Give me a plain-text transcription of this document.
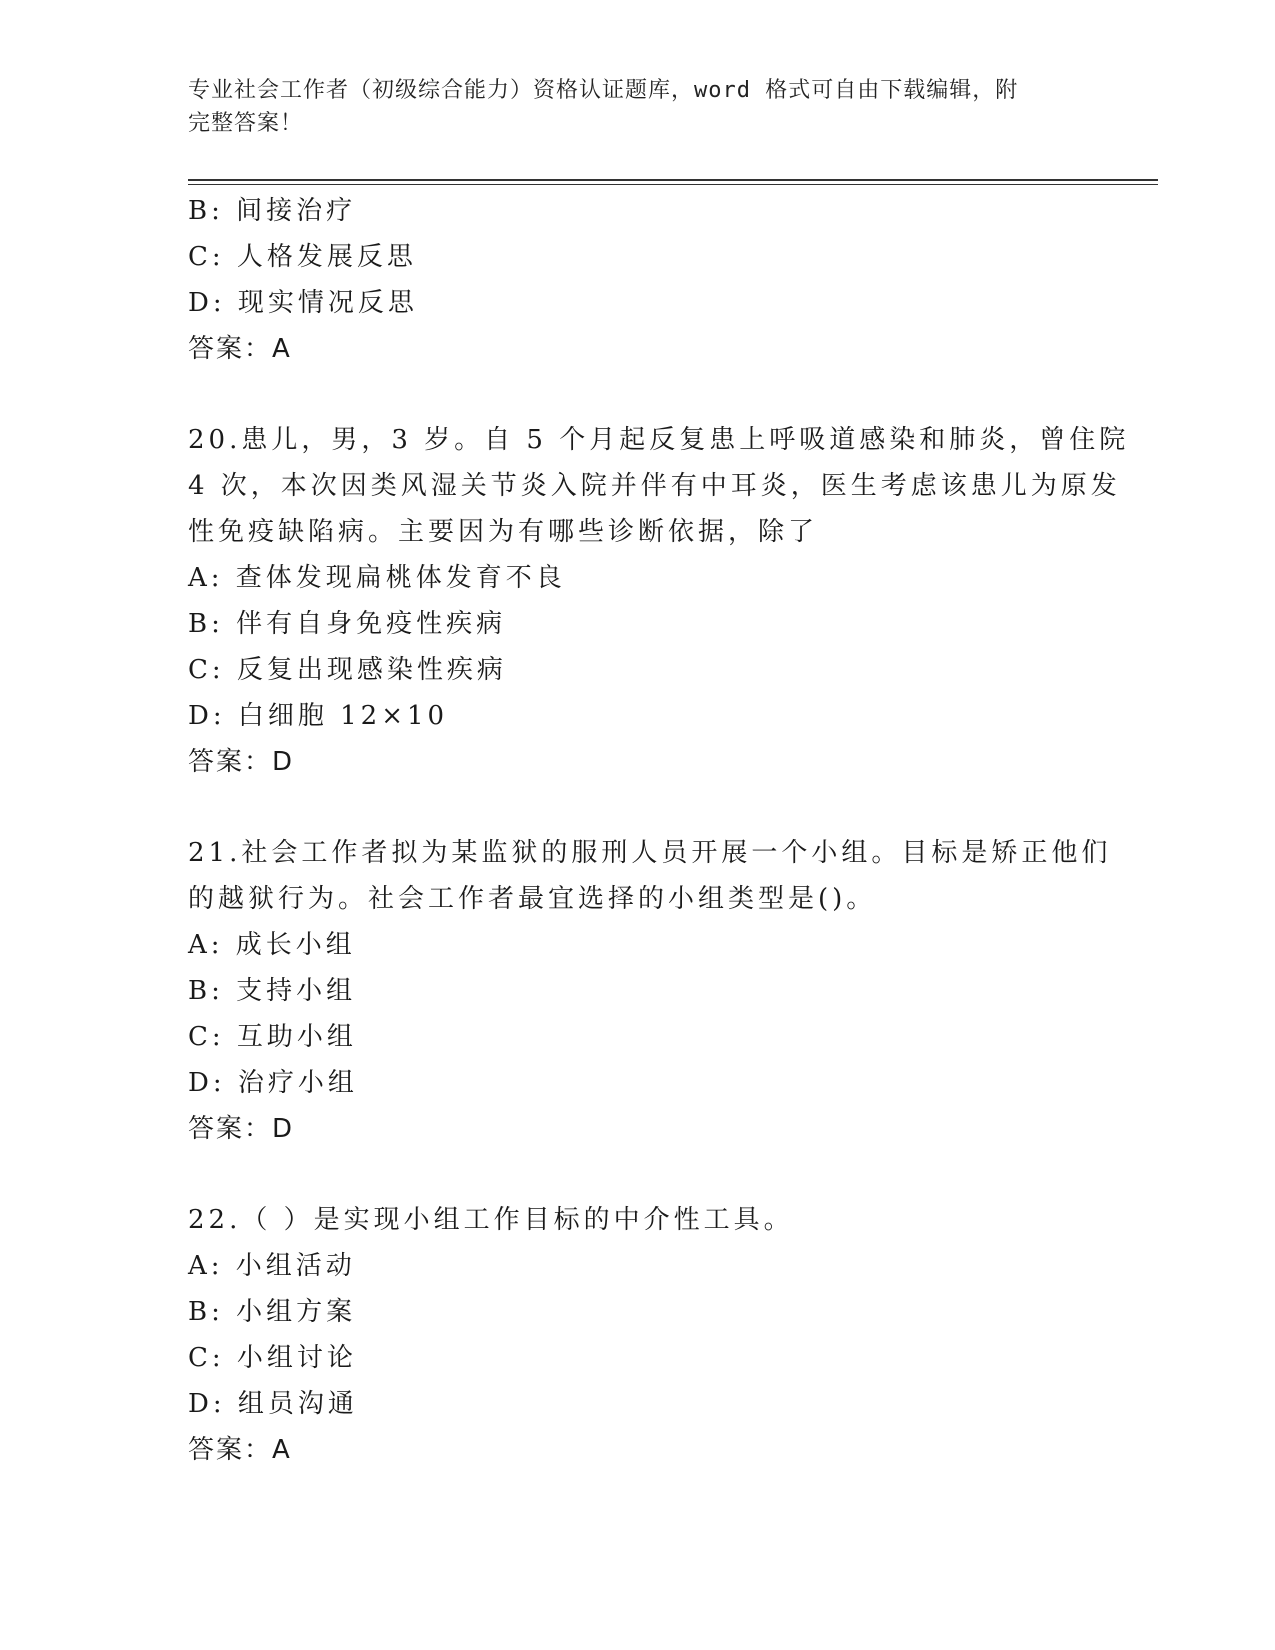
专业社会工作者（初级综合能力）资格认证题库，word 格式可自由下载编辑，附
完整答案！
B: 间接治疗
C: 人格发展反思
D: 现实情况反思
答案：A
20.患儿，男，3 岁。自 5 个月起反复患上呼吸道感染和肺炎，曾住院
4 次，本次因类风湿关节炎入院并伴有中耳炎，医生考虑该患儿为原发
性免疫缺陷病。主要因为有哪些诊断依据，除了
A: 查体发现扁桃体发育不良
B: 伴有自身免疫性疾病
C: 反复出现感染性疾病
D: 白细胞 12×10
答案：D
21.社会工作者拟为某监狱的服刑人员开展一个小组。目标是矫正他们
的越狱行为。社会工作者最宜选择的小组类型是()。
A: 成长小组
B: 支持小组
C: 互助小组
D: 治疗小组
答案：D
22.（ ）是实现小组工作目标的中介性工具。
A: 小组活动
B: 小组方案
C: 小组讨论
D: 组员沟通
答案：A
